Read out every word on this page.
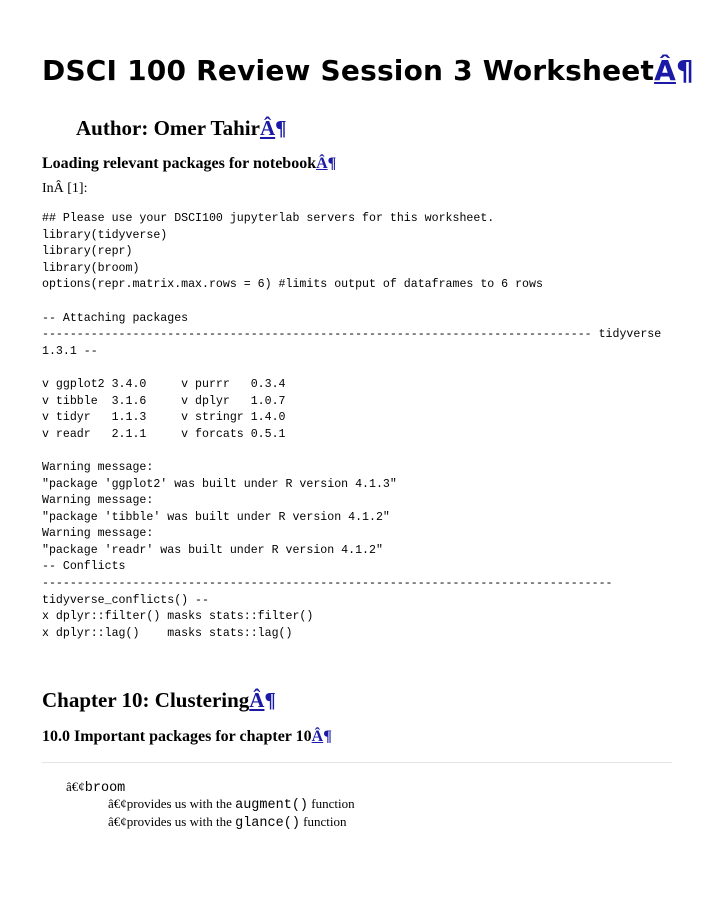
DSCI 100 Review Session 3 WorksheetÂ¶
Author: Omer TahirÂ¶
Loading relevant packages for notebookÂ¶
InÂ [1]:
## Please use your DSCI100 jupyterlab servers for this worksheet.
library(tidyverse)
library(repr)
library(broom)
options(repr.matrix.max.rows = 6) #limits output of dataframes to 6 rows

-- Attaching packages
------------------------------------------------------------------------------- tidyverse
1.3.1 --

v ggplot2 3.4.0     v purrr   0.3.4
v tibble  3.1.6     v dplyr   1.0.7
v tidyr   1.1.3     v stringr 1.4.0
v readr   2.1.1     v forcats 0.5.1

Warning message:
"package 'ggplot2' was built under R version 4.1.3"
Warning message:
"package 'tibble' was built under R version 4.1.2"
Warning message:
"package 'readr' was built under R version 4.1.2"
-- Conflicts
----------------------------------------------------------------------------------
tidyverse_conflicts() --
x dplyr::filter() masks stats::filter()
x dplyr::lag()    masks stats::lag()
Chapter 10: ClusteringÂ¶
10.0 Important packages for chapter 10Â¶
â€¢broom
â€¢provides us with the augment() function
â€¢provides us with the glance() function
